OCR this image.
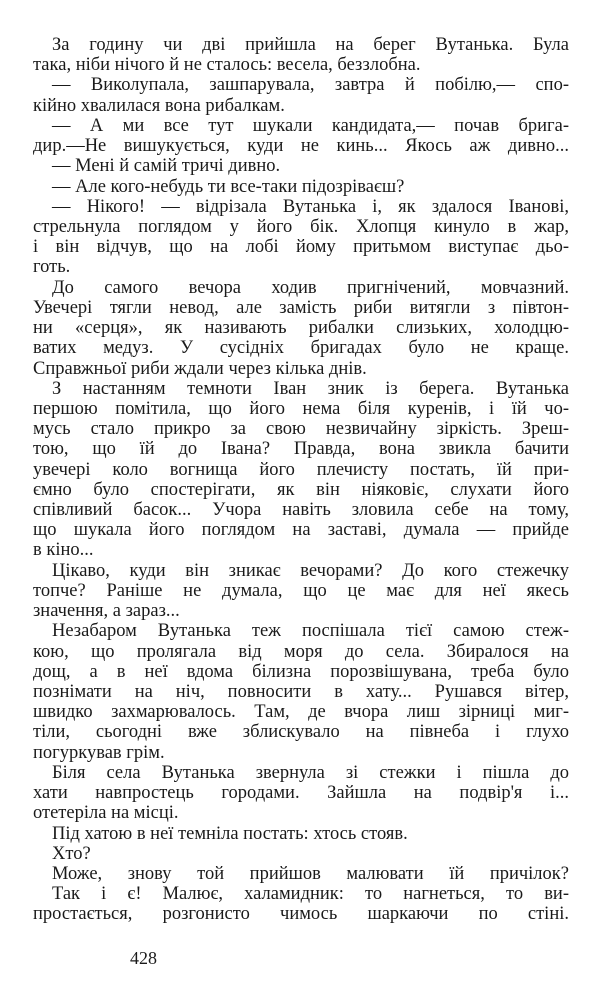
За годину чи дві прийшла на берег Вутанька. Була
така, ніби нічого й не сталось: весела, беззлобна.
— Виколупала, зашпарувала, завтра й побілю,— спо-
кійно хвалилася вона рибалкам.
— А ми все тут шукали кандидата,— почав бригa-
дир.—Не вишукується, куди не кинь... Якось аж дивно...
— Мені й самій тричі дивно.
— Але кого-небудь ти все-таки підозріваєш?
— Нікого! — відрізала Вутанька і, як здалося Іванові,
стрельнула поглядом у його бік. Хлопця кинуло в жар,
і він відчув, що на лобі йому притьмом виступає дьо-
готь.
До самого вечора ходив пригнічений, мовчазний.
Увечері тягли невод, але замість риби витягли з півтон-
ни «серця», як називають рибалки слизьких, холодцю-
ватих медуз. У сусідніх бригадах було не краще.
Справжньої риби ждали через кілька днів.
З настанням темноти Іван зник із берега. Вутанька
першою помітила, що його нема біля куренів, і їй чо-
мусь стало прикро за свою незвичайну зіркість. Зреш-
тою, що їй до Івана? Правда, вона звикла бачити
увечері коло вогнища його плечисту постать, їй при-
ємно було спостерігати, як він ніяковіє, слухати його
співливий басок... Учора навіть зловила себе на тому,
що шукала його поглядом на заставі, думала — прийде
в кіно...
Цікаво, куди він зникає вечорами? До кого стежечку
топче? Раніше не думала, що це має для неї якесь
значення, а зараз...
Незабаром Вутанька теж поспішала тієї самою стеж-
кою, що пролягала від моря до села. Збиралося на
дощ, а в неї вдома білизна порозвішувана, треба було
познімати на ніч, повносити в хату... Рушався вітер,
швидко захмарювалось. Там, де вчора лиш зірниці миг-
тіли, сьогодні вже зблискувало на півнеба і глухо
погуркував грім.
Біля села Вутанька звернула зі стежки і пішла до
хати навпростець городами. Зайшла на подвір'я і...
отетеріла на місці.
Під хатою в неї темніла постать: хтось стояв.
Хто?
Може, знову той прийшов малювати їй причілок?
Так і є! Малює, халамидник: то нагнеться, то ви-
простається, розгонисто чимось шаркаючи по стіні.
428
